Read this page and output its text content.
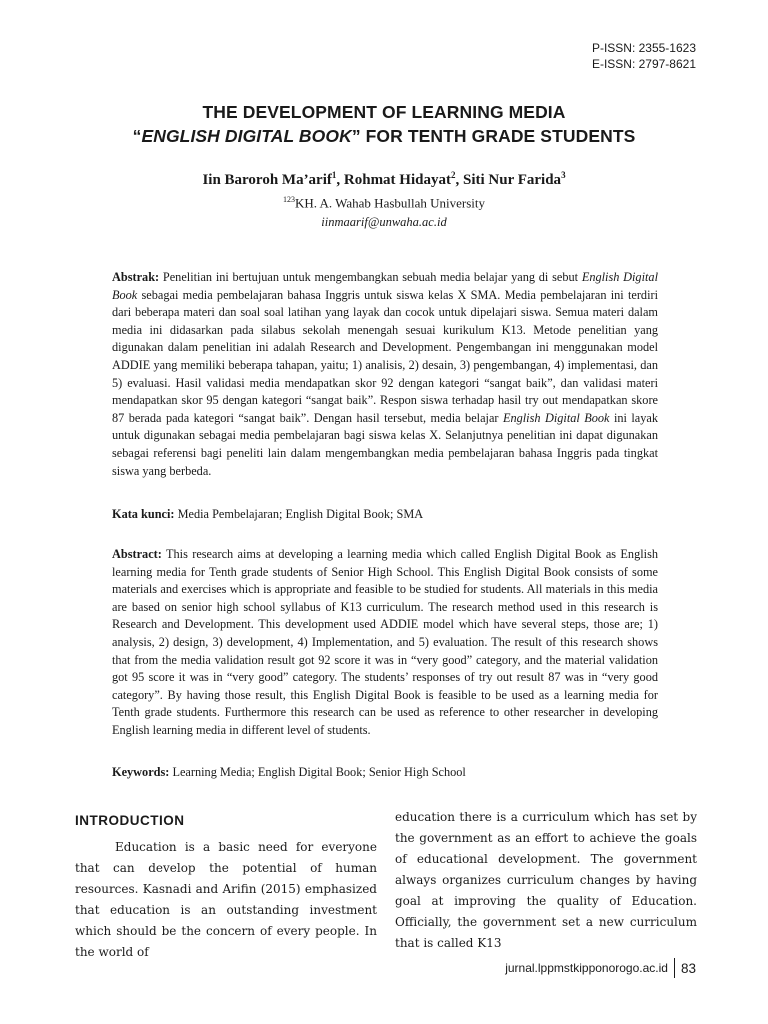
P-ISSN: 2355-1623
E-ISSN: 2797-8621
THE DEVELOPMENT OF LEARNING MEDIA
“ENGLISH DIGITAL BOOK” FOR TENTH GRADE STUDENTS
Iin Baroroh Ma’arif$^1$, Rohmat Hidayat$^2$, Siti Nur Farida$^3$
$^{123}$KH. A. Wahab Hasbullah University
iinmaarif@unwaha.ac.id
Abstrak: Penelitian ini bertujuan untuk mengembangkan sebuah media belajar yang di sebut English Digital Book sebagai media pembelajaran bahasa Inggris untuk siswa kelas X SMA. Media pembelajaran ini terdiri dari beberapa materi dan soal soal latihan yang layak dan cocok untuk dipelajari siswa. Semua materi dalam media ini didasarkan pada silabus sekolah menengah sesuai kurikulum K13. Metode penelitian yang digunakan dalam penelitian ini adalah Research and Development. Pengembangan ini menggunakan model ADDIE yang memiliki beberapa tahapan, yaitu; 1) analisis, 2) desain, 3) pengembangan, 4) implementasi, dan 5) evaluasi. Hasil validasi media mendapatkan skor 92 dengan kategori “sangat baik”, dan validasi materi mendapatkan skor 95 dengan kategori “sangat baik”. Respon siswa terhadap hasil try out mendapatkan skore 87 berada pada kategori “sangat baik”. Dengan hasil tersebut, media belajar English Digital Book ini layak untuk digunakan sebagai media pembelajaran bagi siswa kelas X. Selanjutnya penelitian ini dapat digunakan sebagai referensi bagi peneliti lain dalam mengembangkan media pembelajaran bahasa Inggris pada tingkat siswa yang berbeda.
Kata kunci: Media Pembelajaran; English Digital Book; SMA
Abstract: This research aims at developing a learning media which called English Digital Book as English learning media for Tenth grade students of Senior High School. This English Digital Book consists of some materials and exercises which is appropriate and feasible to be studied for students. All materials in this media are based on senior high school syllabus of K13 curriculum. The research method used in this research is Research and Development. This development used ADDIE model which have several steps, those are; 1) analysis, 2) design, 3) development, 4) Implementation, and 5) evaluation. The result of this research shows that from the media validation result got 92 score it was in “very good” category, and the material validation got 95 score it was in “very good” category. The students’ responses of try out result 87 was in “very good category”. By having those result, this English Digital Book is feasible to be used as a learning media for Tenth grade students. Furthermore this research can be used as reference to other researcher in developing English learning media in different level of students.
Keywords: Learning Media; English Digital Book; Senior High School
INTRODUCTION

Education is a basic need for everyone that can develop the potential of human resources. Kasnadi and Arifin (2015) emphasized that education is an outstanding investment which should be the concern of every people. In the world of

education there is a curriculum which has set by the government as an effort to achieve the goals of educational development. The government always organizes curriculum changes by having goal at improving the quality of Education. Officially, the government set a new curriculum that is called K13

jurnal.lppmstkipponorogo.ac.id 83
